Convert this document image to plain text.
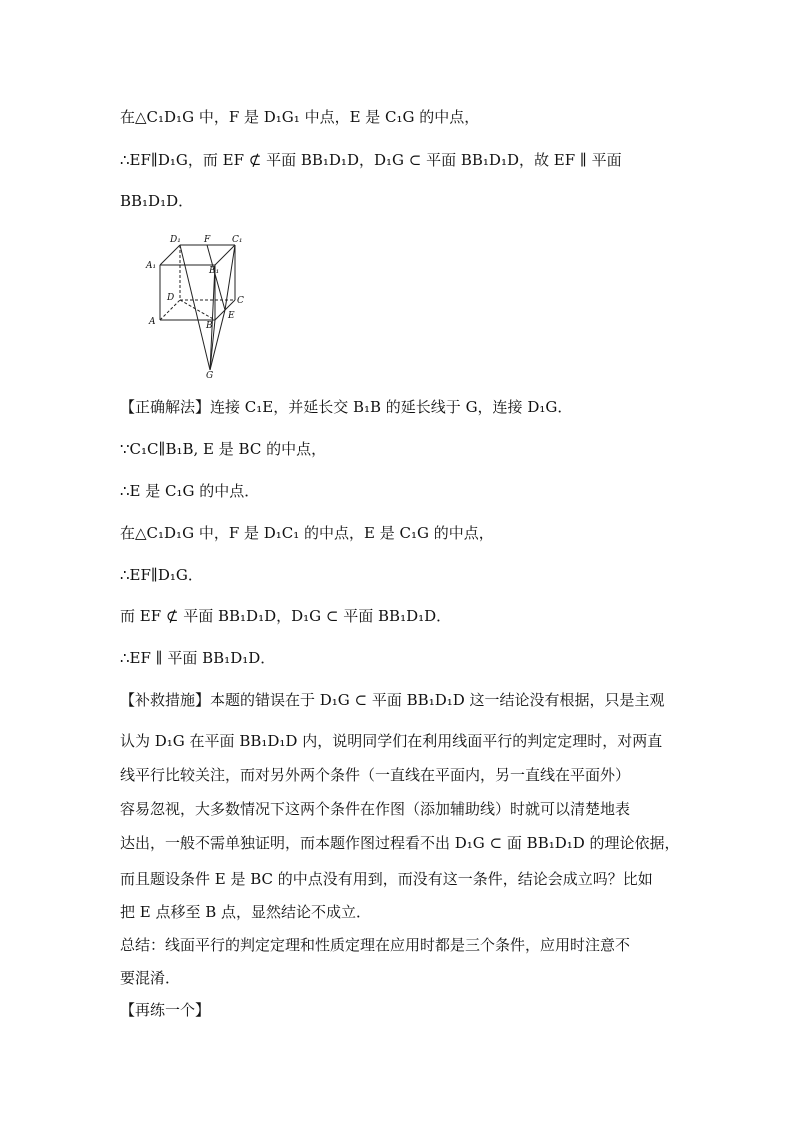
在△C₁D₁G 中，F 是 D₁G₁ 中点，E 是 C₁G 的中点，
∴EF∥D₁G，而 EF ⊄ 平面 BB₁D₁D，D₁G ⊂ 平面 BB₁D₁D，故 EF ∥ 平面
BB₁D₁D．
D₁	F C₁
A₁	B₁
D	C
A	B
E
G
【正确解法】连接 C₁E，并延长交 B₁B 的延长线于 G，连接 D₁G．
∵C₁C∥B₁B, E 是 BC 的中点，
∴E 是 C₁G 的中点．
在△C₁D₁G 中，F 是 D₁C₁ 的中点，E 是 C₁G 的中点，
∴EF∥D₁G．
而 EF ⊄ 平面 BB₁D₁D，D₁G ⊂ 平面 BB₁D₁D．
∴EF ∥ 平面 BB₁D₁D．
【补救措施】本题的错误在于 D₁G ⊂ 平面 BB₁D₁D 这一结论没有根据，只是主观
认为 D₁G 在平面 BB₁D₁D 内，说明同学们在利用线面平行的判定定理时，对两直
线平行比较关注，而对另外两个条件（一直线在平面内，另一直线在平面外）
容易忽视，大多数情况下这两个条件在作图（添加辅助线）时就可以清楚地表
达出，一般不需单独证明，而本题作图过程看不出 D₁G ⊂ 面 BB₁D₁D 的理论依据，
而且题设条件 E 是 BC 的中点没有用到，而没有这一条件，结论会成立吗？比如
把 E 点移至 B 点，显然结论不成立．
总结：线面平行的判定定理和性质定理在应用时都是三个条件，应用时注意不
要混淆．
【再练一个】
